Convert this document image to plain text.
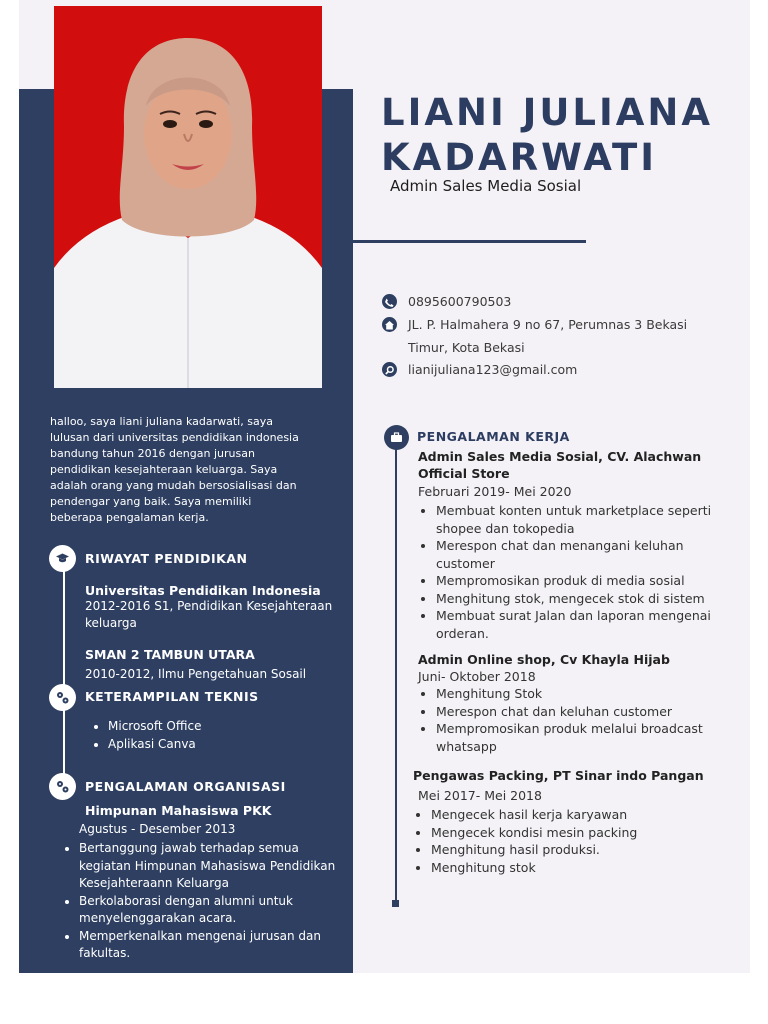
LIANI JULIANA
KADARWATI
Admin Sales Media Sosial
0895600790503
JL. P. Halmahera 9 no 67, Perumnas 3 Bekasi Timur, Kota Bekasi
lianijuliana123@gmail.com
halloo, saya liani juliana kadarwati, saya lulusan dari universitas pendidikan indonesia bandung tahun 2016 dengan jurusan pendidikan kesejahteraan keluarga. Saya adalah orang yang mudah bersosialisasi dan pendengar yang baik. Saya memiliki beberapa pengalaman kerja.
RIWAYAT PENDIDIKAN
Universitas Pendidikan Indonesia
2012-2016 S1, Pendidikan Kesejahteraan keluarga
SMAN 2 TAMBUN UTARA
2010-2012, Ilmu Pengetahuan Sosail
KETERAMPILAN TEKNIS
• Microsoft Office
• Aplikasi Canva
PENGALAMAN ORGANISASI
Himpunan Mahasiswa PKK
Agustus - Desember 2013
• Bertanggung jawab terhadap semua kegiatan Himpunan Mahasiswa Pendidikan Kesejahteraann Keluarga
• Berkolaborasi dengan alumni untuk menyelenggarakan acara.
• Memperkenalkan mengenai jurusan dan fakultas.
PENGALAMAN KERJA
Admin Sales Media Sosial, CV. Alachwan Official Store
Februari 2019- Mei 2020
• Membuat konten untuk marketplace seperti shopee dan tokopedia
• Merespon chat dan menangani keluhan customer
• Mempromosikan produk di media sosial
• Menghitung stok, mengecek stok di sistem
• Membuat surat Jalan dan laporan mengenai orderan.
Admin Online shop, Cv Khayla Hijab
Juni- Oktober 2018
• Menghitung Stok
• Merespon chat dan keluhan customer
• Mempromosikan produk melalui broadcast whatsapp
Pengawas Packing, PT Sinar indo Pangan
Mei 2017- Mei 2018
• Mengecek hasil kerja karyawan
• Mengecek kondisi mesin packing
• Menghitung hasil produksi.
• Menghitung stok
